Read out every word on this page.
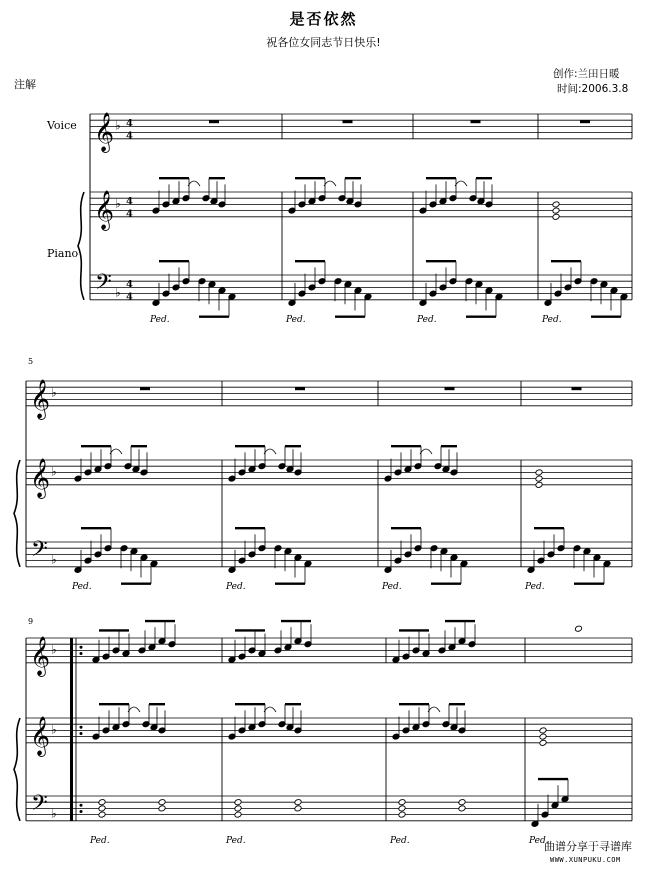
是否依然
祝各位女同志节日快乐!
创作:兰田日暖
时间:2006.3.8
注解
Voice
Piano
5
9
曲谱分享于寻谱库
WWW.XUNPUKU.COM
𝄞
𝄞
𝄢
♭
♭
♭
4
4
4
4
4
4
Ped.	Ped.	Ped.	Ped.
𝄞
𝄞
𝄢
♭
♭
♭
Ped.	Ped.	Ped.	Ped.
𝄞
𝄞
𝄢
♭
♭
♭
Ped.	Ped.	Ped.	Ped.
